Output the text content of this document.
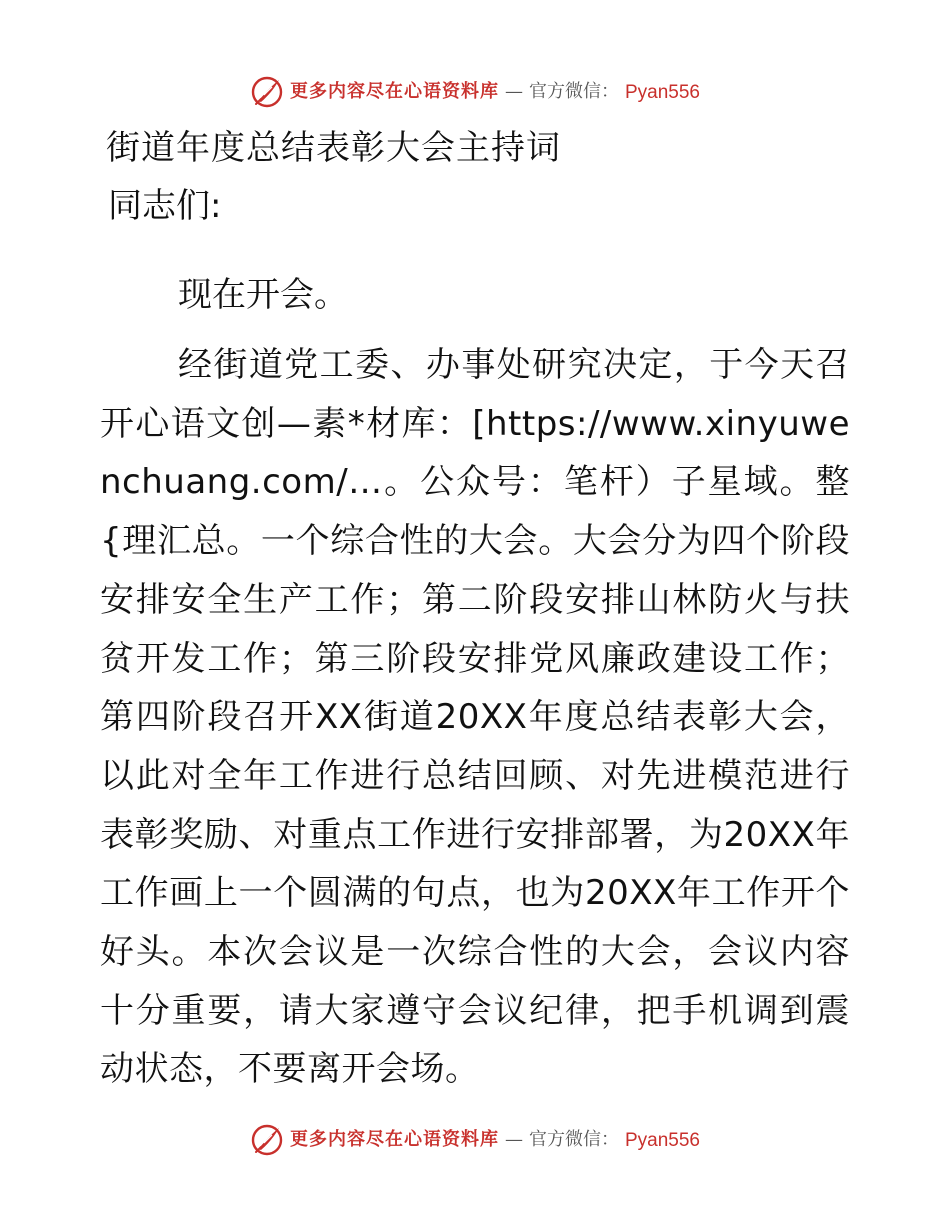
更多内容尽在心语资料库 — 官方微信： Pyan556
街道年度总结表彰大会主持词
同志们:
现在开会。
经街道党工委、办事处研究决定，于今天召开心语文创—素*材库：[https://www.xinyuwenchuang.com/…。公众号：笔杆）子星域。整{理汇总。一个综合性的大会。大会分为四个阶段安排安全生产工作；第二阶段安排山林防火与扶贫开发工作；第三阶段安排党风廉政建设工作；第四阶段召开XX街道20XX年度总结表彰大会，以此对全年工作进行总结回顾、对先进模范进行表彰奖励、对重点工作进行安排部署，为20XX年工作画上一个圆满的句点，也为20XX年工作开个好头。本次会议是一次综合性的大会，会议内容十分重要，请大家遵守会议纪律，把手机调到震动状态，不要离开会场。
更多内容尽在心语资料库 — 官方微信： Pyan556
